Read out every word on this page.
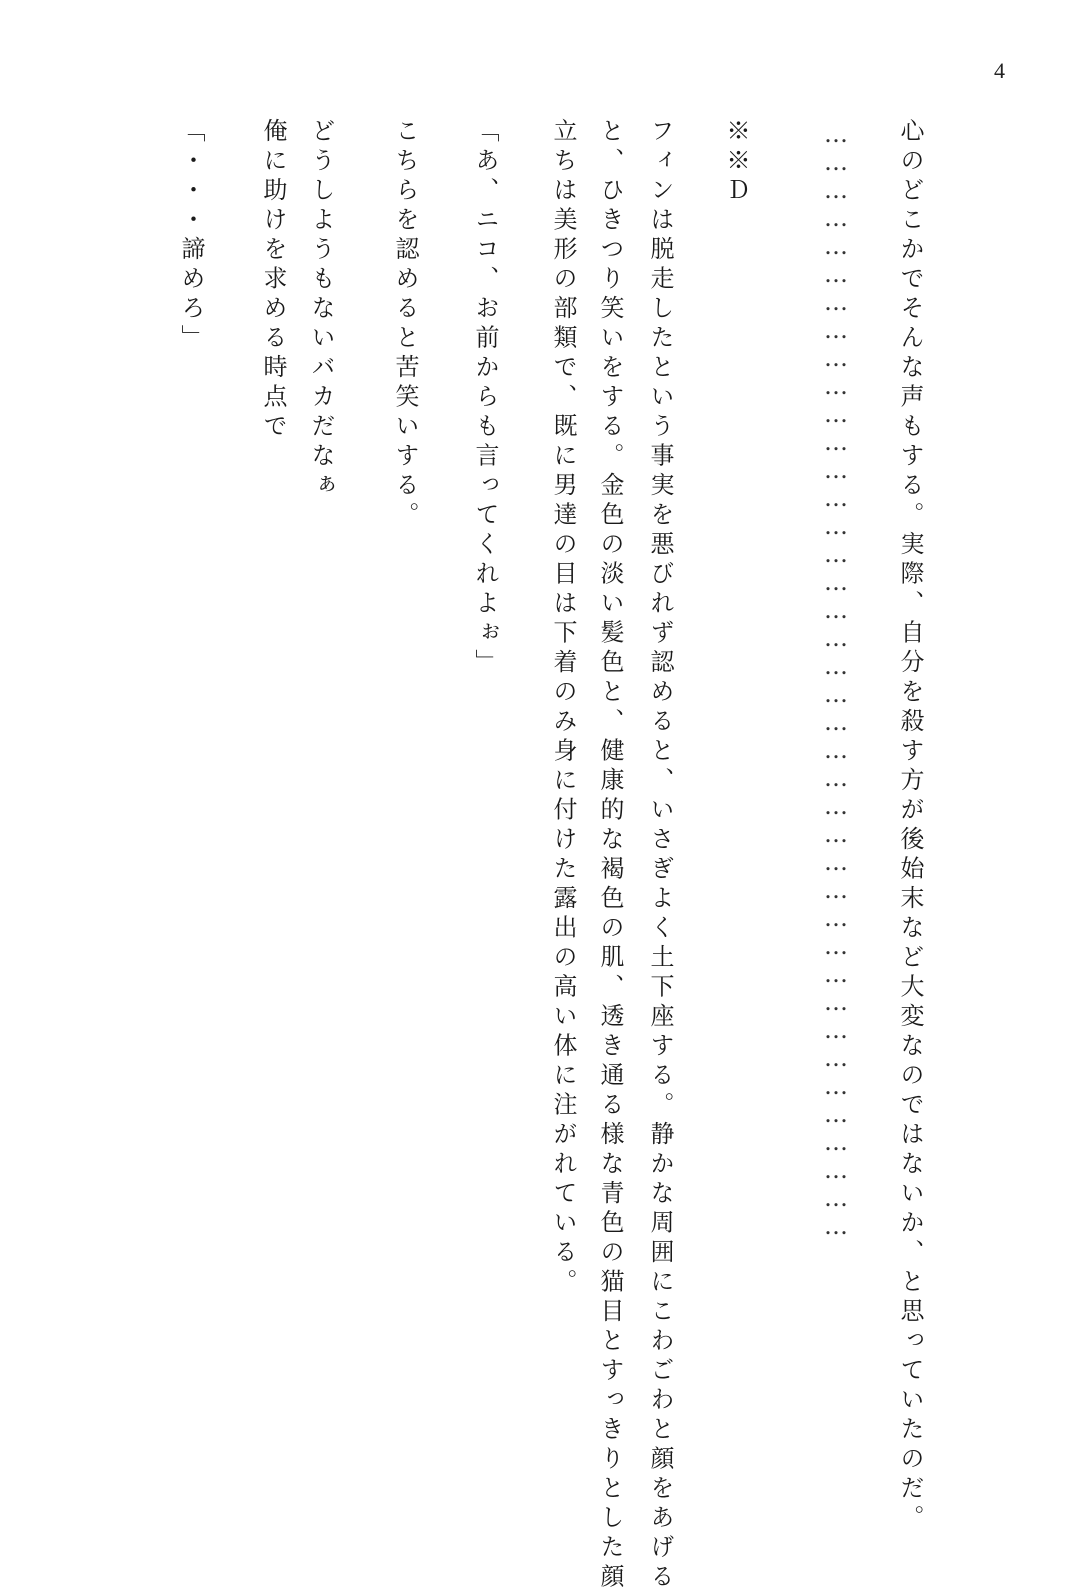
4
心のどこかでそんな声もする。実際、自分を殺す方が後始末など大変なのではないか、と思っていたのだ。
…………………………………………………………………………………………………………
※※Ｄ
フィンは脱走したという事実を悪びれず認めると、いさぎよく土下座する。静かな周囲にこわごわと顔をあげる
と、ひきつり笑いをする。金色の淡い髪色と、健康的な褐色の肌、透き通る様な青色の猫目とすっきりとした顔
立ちは美形の部類で、既に男達の目は下着のみ身に付けた露出の高い体に注がれている。
「あ、ニコ、お前からも言ってくれよぉ」
こちらを認めると苦笑いする。
どうしようもないバカだなぁ
俺に助けを求める時点で
「・・・諦めろ」
